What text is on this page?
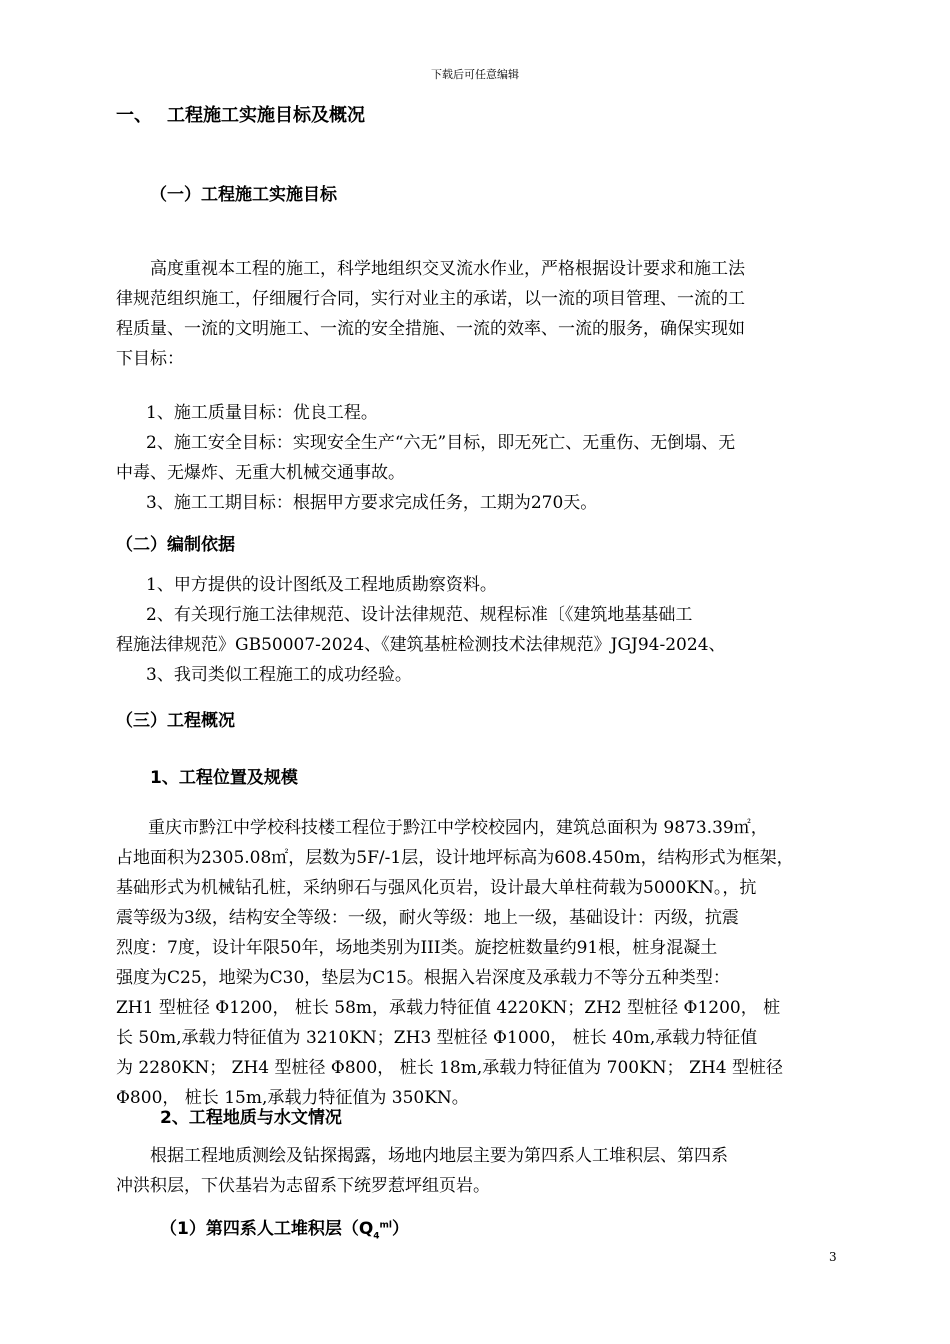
下载后可任意编辑
一、 工程施工实施目标及概况
（一）工程施工实施目标

高度重视本工程的施工，科学地组织交叉流水作业，严格根据设计要求和施工法

律规范组织施工，仔细履行合同，实行对业主的承诺，以一流的项目管理、一流的工

程质量、一流的文明施工、一流的安全措施、一流的效率、一流的服务，确保实现如

下目标：

1、施工质量目标：优良工程。

2、施工安全目标：实现安全生产“六无”目标，即无死亡、无重伤、无倒塌、无

中毒、无爆炸、无重大机械交通事故。

3、施工工期目标：根据甲方要求完成任务，工期为270天。

（二）编制依据

1、甲方提供的设计图纸及工程地质勘察资料。

2、有关现行施工法律规范、设计法律规范、规程标准〔《建筑地基基础工

程施法律规范》GB50007-2024、《建筑基桩检测技术法律规范》JGJ94-2024、

3、我司类似工程施工的成功经验。

（三）工程概况
1、工程位置及规模

重庆市黔江中学校科技楼工程位于黔江中学校校园内，建筑总面积为 9873.39㎡，

占地面积为2305.08㎡，层数为5F/-1层，设计地坪标高为608.450m，结构形式为框架，

基础形式为机械钻孔桩，采纳卵石与强风化页岩，设计最大单柱荷载为5000KN。，抗

震等级为3级，结构安全等级：一级，耐火等级：地上一级，基础设计：丙级，抗震

烈度：7度，设计年限50年，场地类别为III类。旋挖桩数量约91根，桩身混凝土

强度为C25，地梁为C30，垫层为C15。根据入岩深度及承载力不等分五种类型：

ZH1 型桩径 Φ1200， 桩长 58m，承载力特征值 4220KN；ZH2 型桩径 Φ1200， 桩

长 50m,承载力特征值为 3210KN；ZH3 型桩径 Φ1000， 桩长 40m,承载力特征值

为 2280KN； ZH4 型桩径 Φ800， 桩长 18m,承载力特征值为 700KN； ZH4 型桩径

Φ800， 桩长 15m,承载力特征值为 350KN。

2、工程地质与水文情况

根据工程地质测绘及钻探揭露，场地内地层主要为第四系人工堆积层、第四系

冲洪积层，下伏基岩为志留系下统罗惹坪组页岩。

（1）第四系人工堆积层$(Q_4^{ml})$
3
